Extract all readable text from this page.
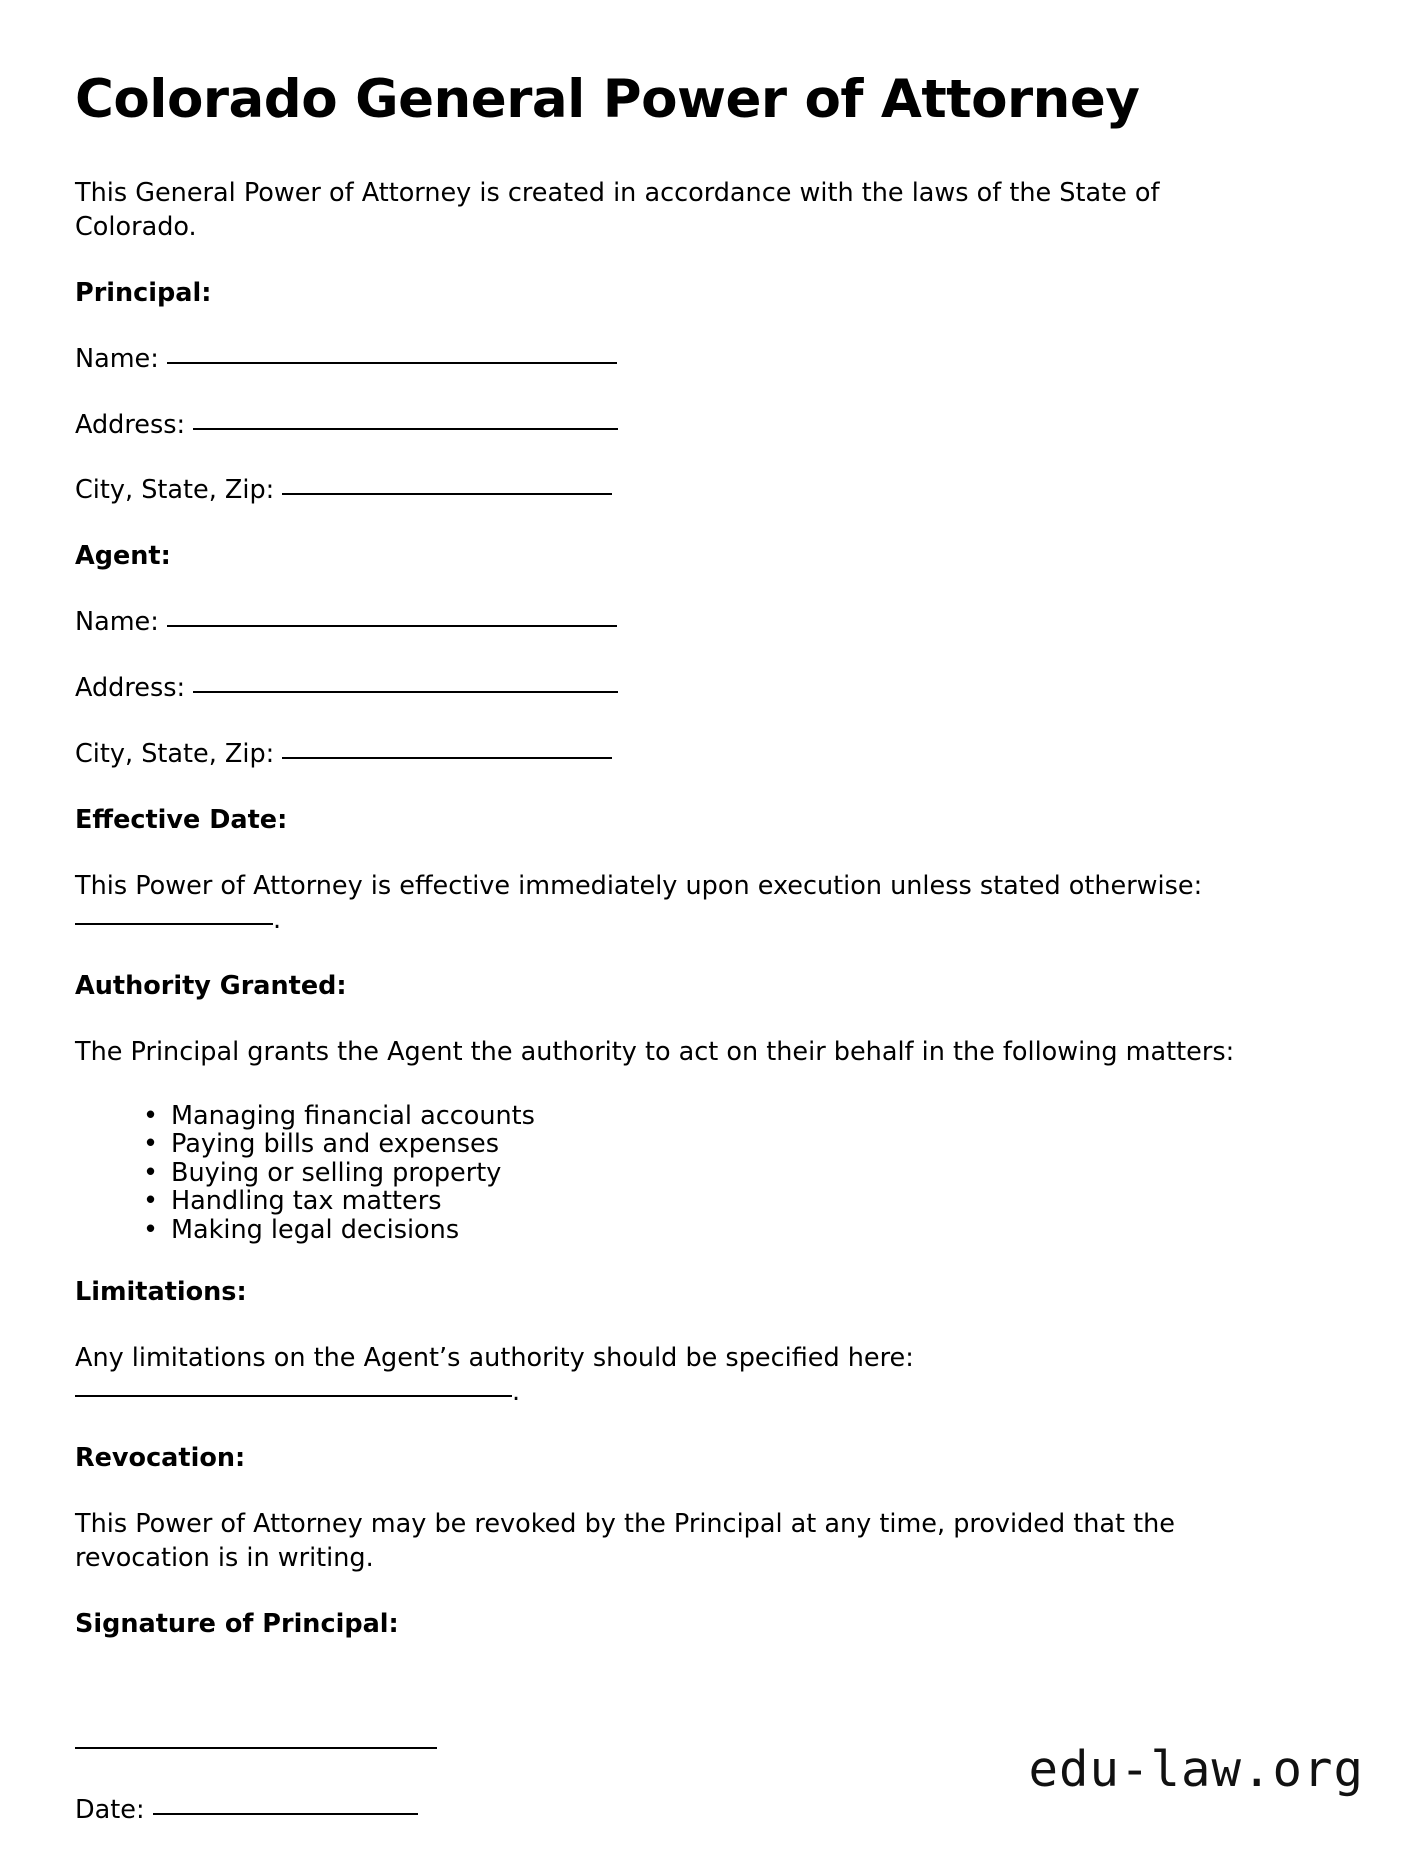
Colorado General Power of Attorney

This General Power of Attorney is created in accordance with the laws of the State of Colorado.

Principal:
Name:
Address:
City, State, Zip:
Agent:
Name:
Address:
City, State, Zip:
Effective Date:

This Power of Attorney is effective immediately upon execution unless stated otherwise: .

Authority Granted:

The Principal grants the Agent the authority to act on their behalf in the following matters:

• Managing financial accounts
• Paying bills and expenses
• Buying or selling property
• Handling tax matters
• Making legal decisions
Limitations:

Any limitations on the Agent’s authority should be specified here: .

Revocation:

This Power of Attorney may be revoked by the Principal at any time, provided that the revocation is in writing.

Signature of Principal:
Date:
edu-law.org
